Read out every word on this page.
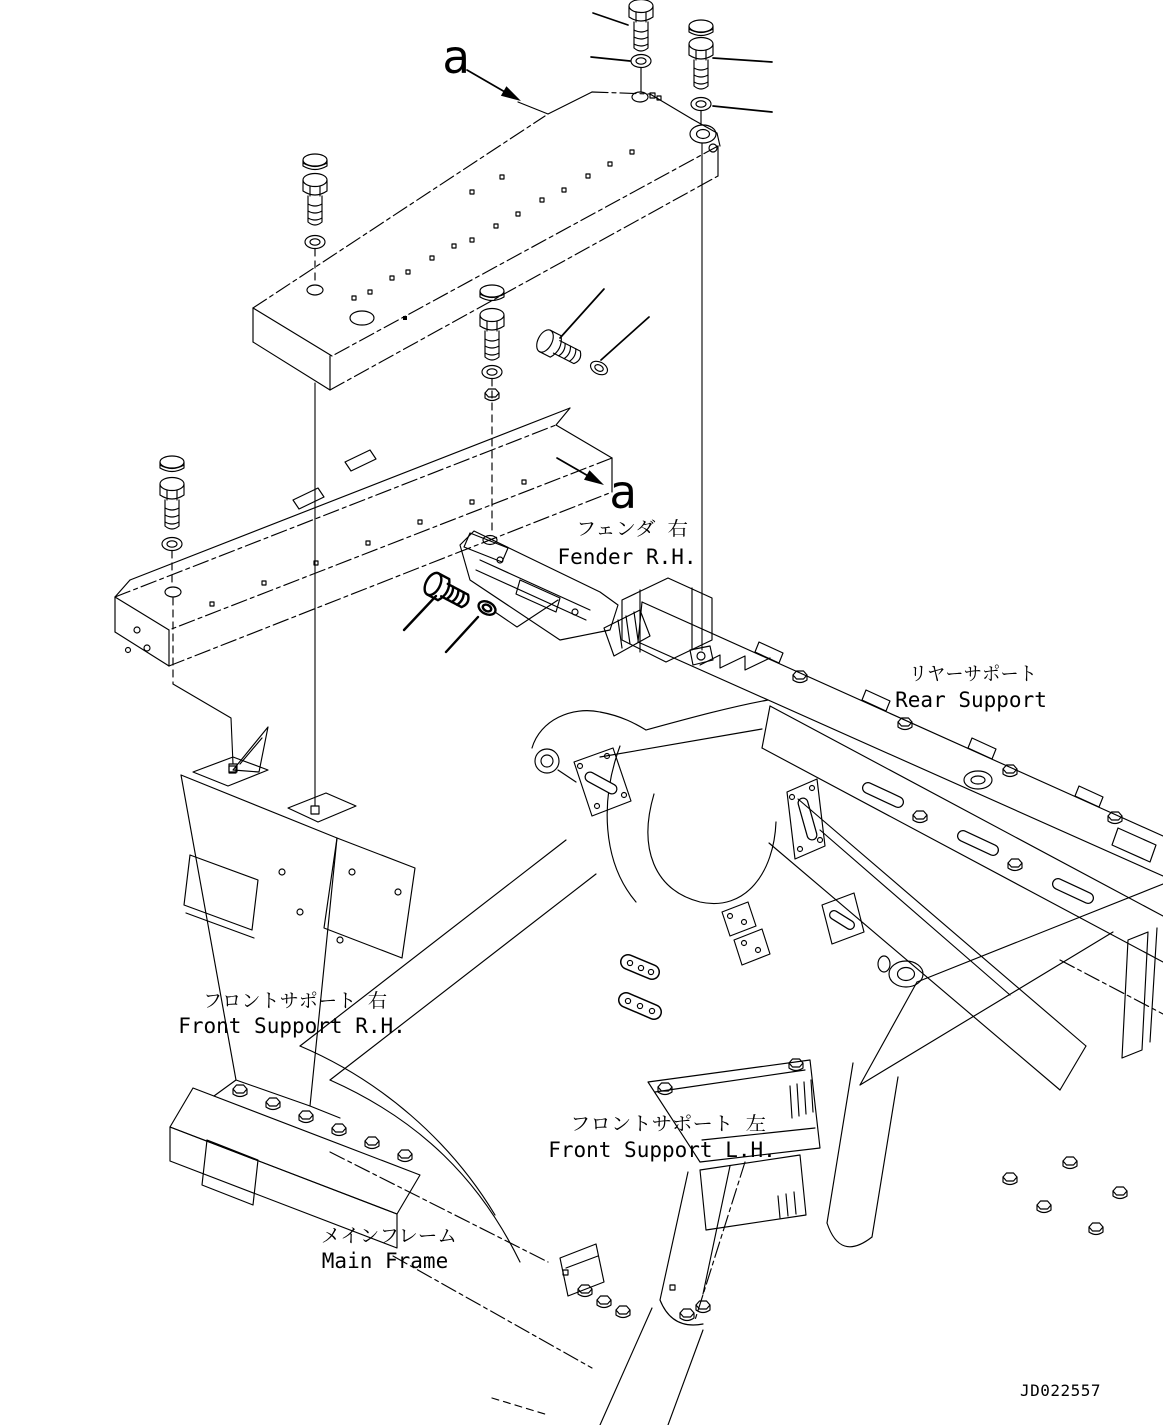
a
a
フェンダ 右
Fender R.H.
リヤーサポート
Rear Support
フロントサポート 右
Front Support R.H.
フロントサポート 左
Front Support L.H.
メインフレーム
Main Frame
JD022557
